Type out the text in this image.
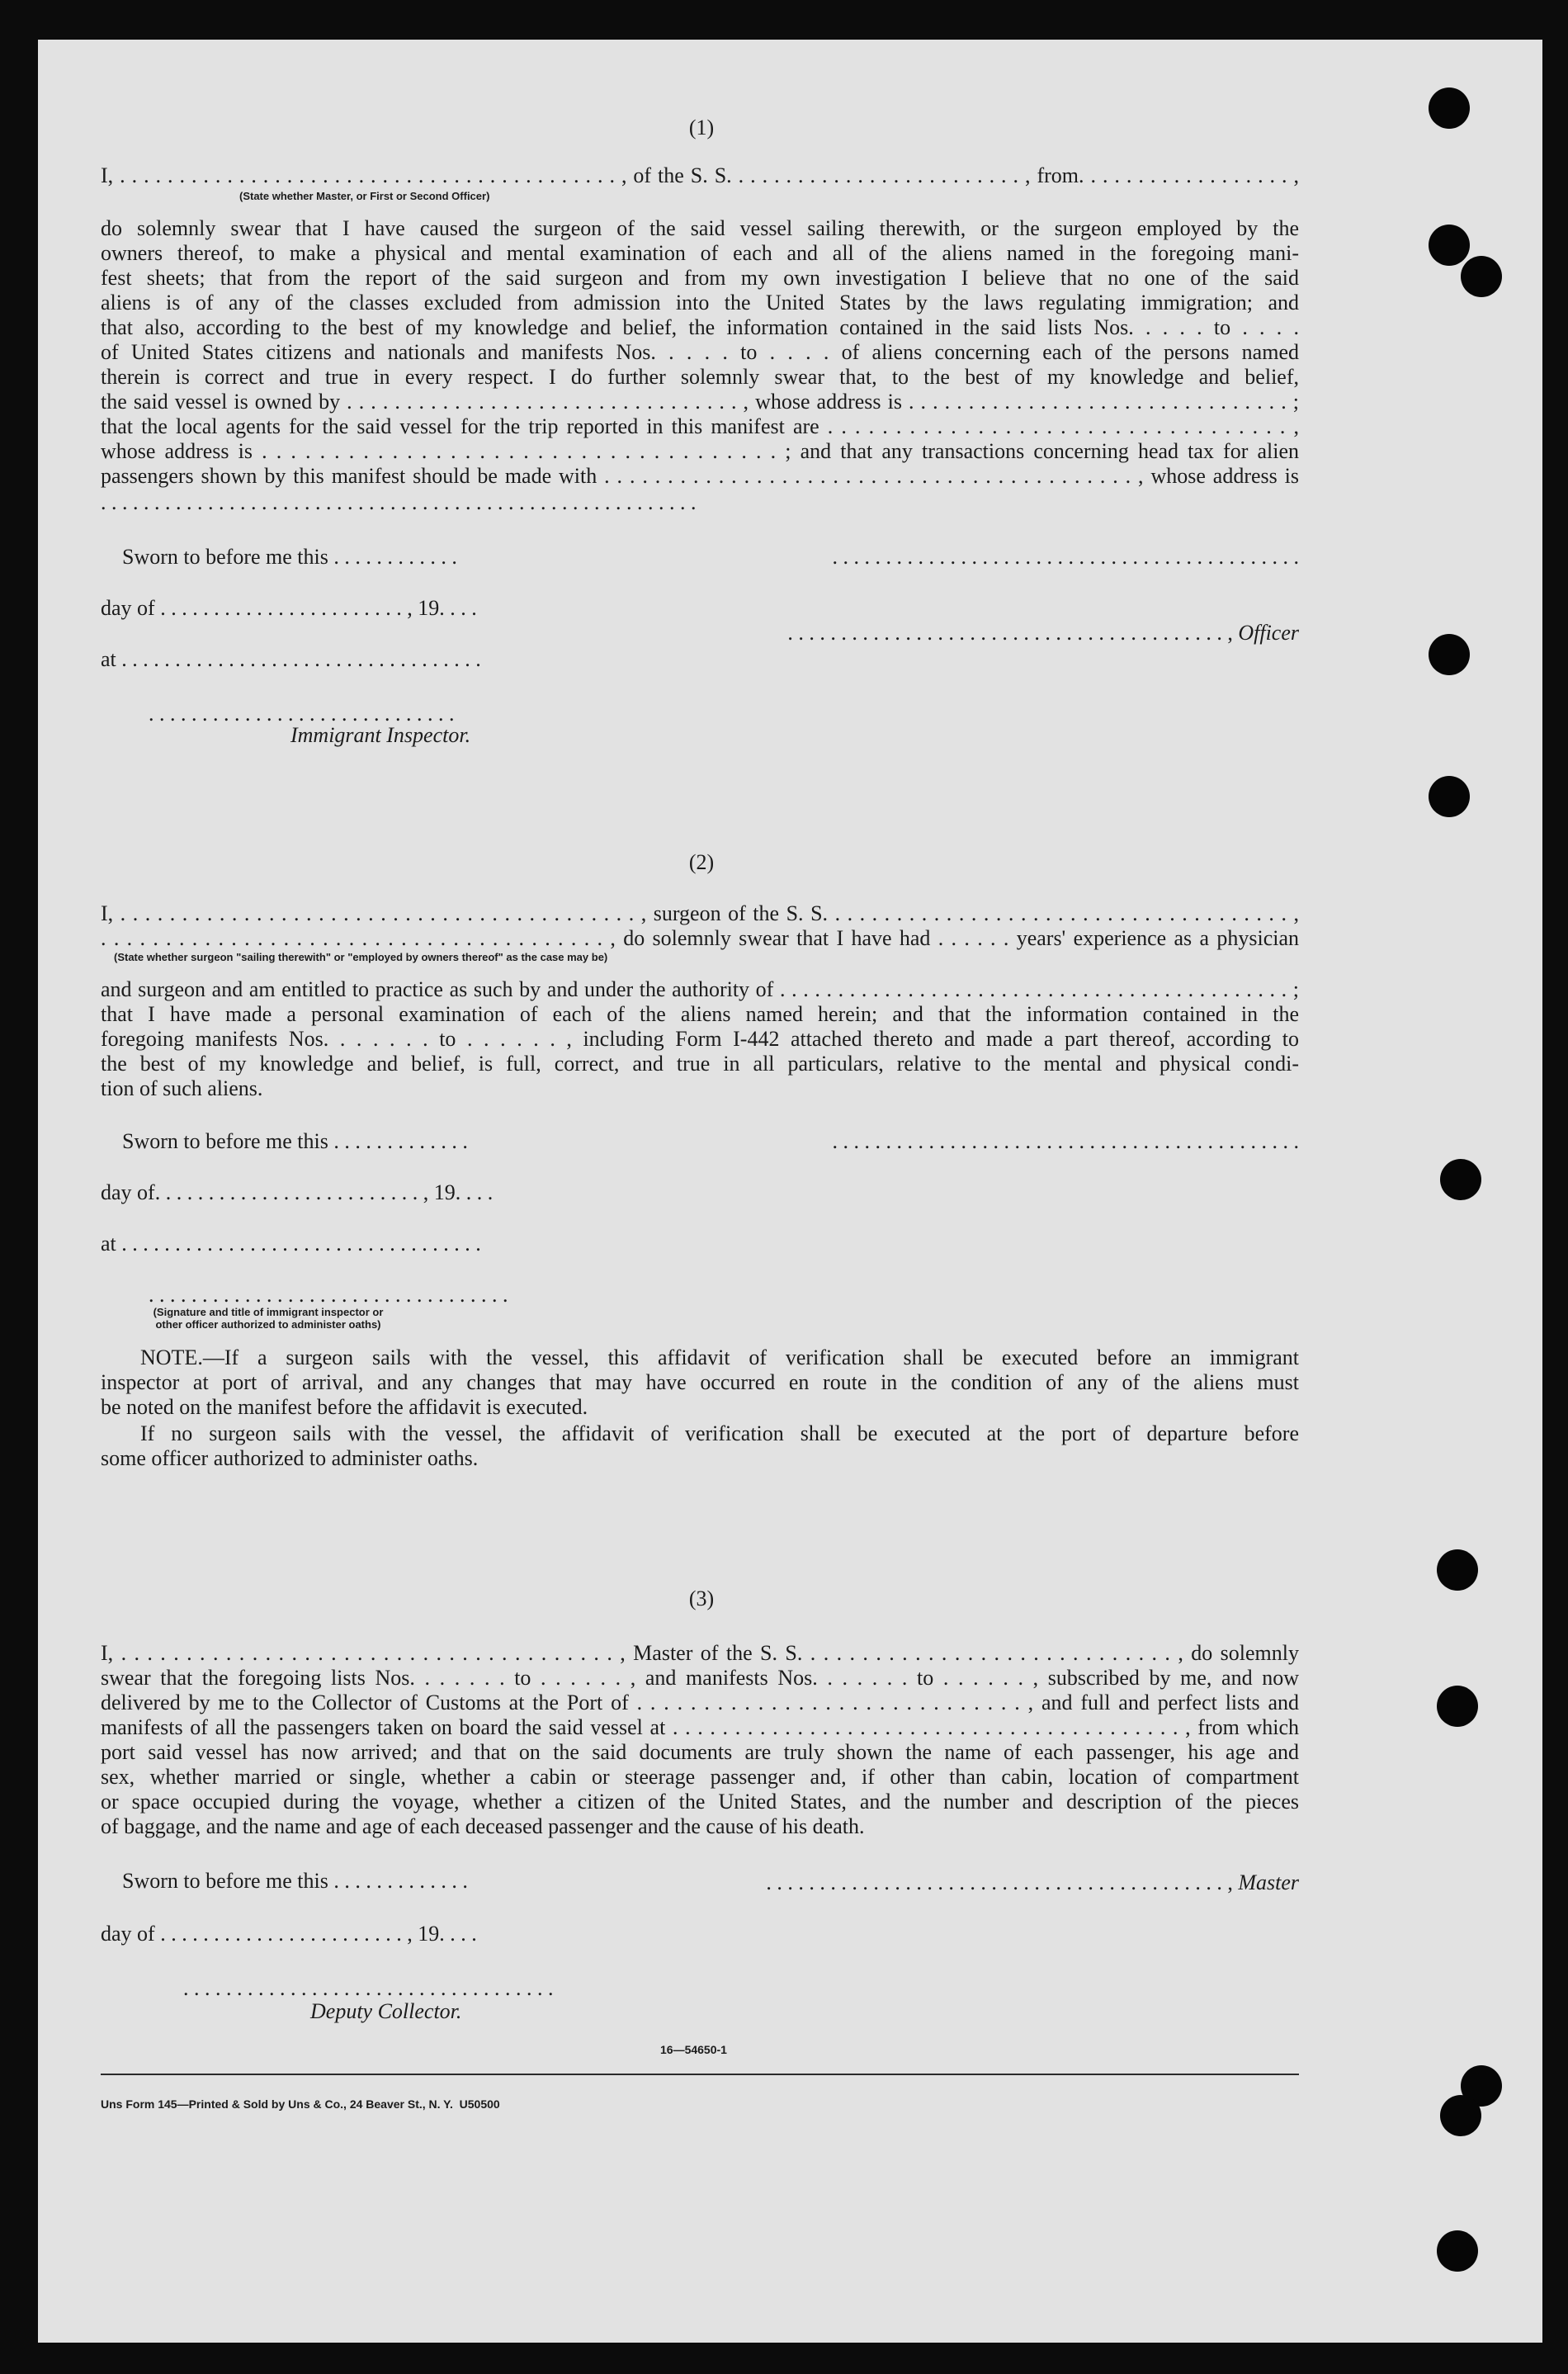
(1)
I, . . . . . . . . . . . . . . . . . . . . . . . . . . . . . . . . . . . . . . . . . . , of the S. S. . . . . . . . . . . . . . . . . . . . . . . . . , from. . . . . . . . . . . . . . . . . . ,
(State whether Master, or First or Second Officer)
do solemnly swear that I have caused the surgeon of the said vessel sailing therewith, or the surgeon employed by the
owners thereof, to make a physical and mental examination of each and all of the aliens named in the foregoing mani-
fest sheets; that from the report of the said surgeon and from my own investigation I believe that no one of the said
aliens is of any of the classes excluded from admission into the United States by the laws regulating immigration; and
that also, according to the best of my knowledge and belief, the information contained in the said lists Nos. . . . . to . . . .
of United States citizens and nationals and manifests Nos. . . . . to . . . . of aliens concerning each of the persons named
therein is correct and true in every respect. I do further solemnly swear that, to the best of my knowledge and belief,
the said vessel is owned by . . . . . . . . . . . . . . . . . . . . . . . . . . . . . . . . . , whose address is . . . . . . . . . . . . . . . . . . . . . . . . . . . . . . . . ;
that the local agents for the said vessel for the trip reported in this manifest are . . . . . . . . . . . . . . . . . . . . . . . . . . . . . . . . . . ,
whose address is . . . . . . . . . . . . . . . . . . . . . . . . . . . . . . . . . . . . ; and that any transactions concerning head tax for alien
passengers shown by this manifest should be made with . . . . . . . . . . . . . . . . . . . . . . . . . . . . . . . . . . . . . . . . . . , whose address is
. . . . . . . . . . . . . . . . . . . . . . . . . . . . . . . . . . . . . . . . . . . . . . . . . . . . . . . .
Sworn to before me this . . . . . . . . . . . .	. . . . . . . . . . . . . . . . . . . . . . . . . . . . . . . . . . . . . . . . . . . .
day of . . . . . . . . . . . . . . . . . . . . . . . , 19. . . .
. . . . . . . . . . . . . . . . . . . . . . . . . . . . . . . . . . . . . . . . . , Officer
at . . . . . . . . . . . . . . . . . . . . . . . . . . . . . . . . . .
. . . . . . . . . . . . . . . . . . . . . . . . . . . . .
Immigrant Inspector.
(2)
I, . . . . . . . . . . . . . . . . . . . . . . . . . . . . . . . . . . . . . . . . . . , surgeon of the S. S. . . . . . . . . . . . . . . . . . . . . . . . . . . . . . . . . . . . . . ,
. . . . . . . . . . . . . . . . . . . . . . . . . . . . . . . . . . . . . . . , do solemnly swear that I have had . . . . . . years' experience as a physician
(State whether surgeon "sailing therewith" or "employed by owners thereof" as the case may be)
and surgeon and am entitled to practice as such by and under the authority of . . . . . . . . . . . . . . . . . . . . . . . . . . . . . . . . . . . . . . . . . . . . ;
that I have made a personal examination of each of the aliens named herein; and that the information contained in the
foregoing manifests Nos. . . . . . . to . . . . . . , including Form I-442 attached thereto and made a part thereof, according to
the best of my knowledge and belief, is full, correct, and true in all particulars, relative to the mental and physical condi-
tion of such aliens.
Sworn to before me this . . . . . . . . . . . . .	. . . . . . . . . . . . . . . . . . . . . . . . . . . . . . . . . . . . . . . . . . . .
day of. . . . . . . . . . . . . . . . . . . . . . . . . , 19. . . .
at . . . . . . . . . . . . . . . . . . . . . . . . . . . . . . . . . .
. . . . . . . . . . . . . . . . . . . . . . . . . . . . . . . . . .
(Signature and title of immigrant inspector or
other officer authorized to administer oaths)
NOTE.—If a surgeon sails with the vessel, this affidavit of verification shall be executed before an immigrant
inspector at port of arrival, and any changes that may have occurred en route in the condition of any of the aliens must
be noted on the manifest before the affidavit is executed.
If no surgeon sails with the vessel, the affidavit of verification shall be executed at the port of departure before
some officer authorized to administer oaths.
(3)
I, . . . . . . . . . . . . . . . . . . . . . . . . . . . . . . . . . . . . . . , Master of the S. S. . . . . . . . . . . . . . . . . . . . . . . . . . . . . , do solemnly
swear that the foregoing lists Nos. . . . . . . to . . . . . . , and manifests Nos. . . . . . . to . . . . . . , subscribed by me, and now
delivered by me to the Collector of Customs at the Port of . . . . . . . . . . . . . . . . . . . . . . . . . . . . . , and full and perfect lists and
manifests of all the passengers taken on board the said vessel at . . . . . . . . . . . . . . . . . . . . . . . . . . . . . . . . . . . . . . . . . , from which
port said vessel has now arrived; and that on the said documents are truly shown the name of each passenger, his age and
sex, whether married or single, whether a cabin or steerage passenger and, if other than cabin, location of compartment
or space occupied during the voyage, whether a citizen of the United States, and the number and description of the pieces
of baggage, and the name and age of each deceased passenger and the cause of his death.
Sworn to before me this . . . . . . . . . . . . .	. . . . . . . . . . . . . . . . . . . . . . . . . . . . . . . . . . . . . . . . . . . , Master
day of . . . . . . . . . . . . . . . . . . . . . . . , 19. . . .
. . . . . . . . . . . . . . . . . . . . . . . . . . . . . . . . . . .
Deputy Collector.
16—54650-1
Uns Form 145—Printed & Sold by Uns & Co., 24 Beaver St., N. Y.  U50500
